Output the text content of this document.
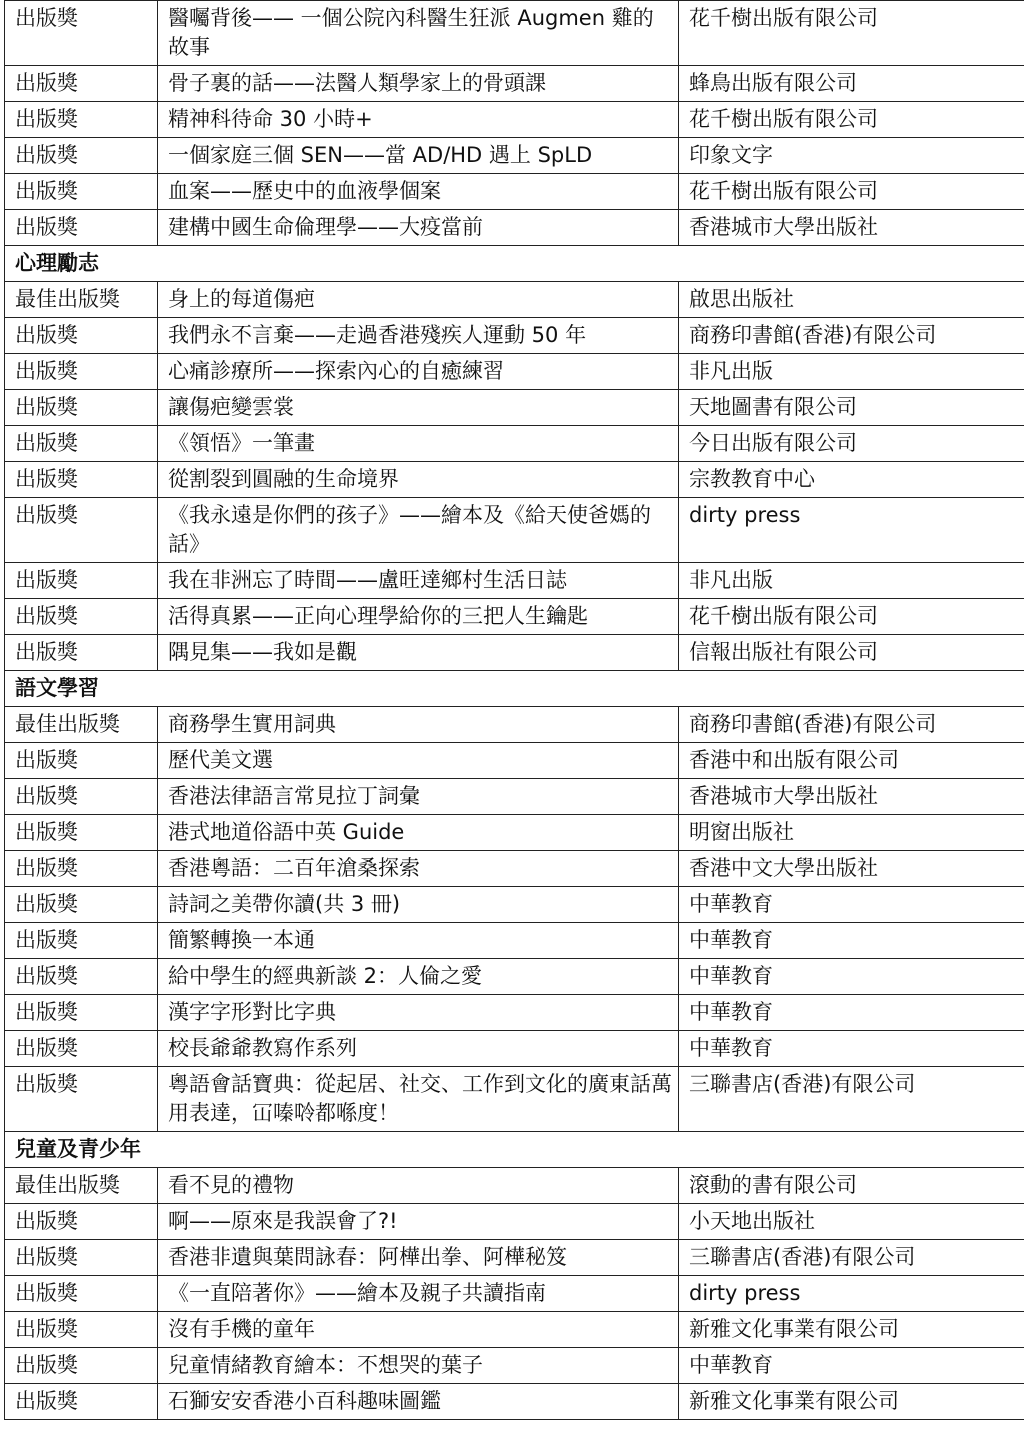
出版獎	醫囑背後—— 一個公院內科醫生狂派 Augmen 雞的故事	花千樹出版有限公司
出版獎	骨子裏的話——法醫人類學家上的骨頭課	蜂鳥出版有限公司
出版獎	精神科待命 30 小時+	花千樹出版有限公司
出版獎	一個家庭三個 SEN——當 AD/HD 遇上 SpLD	印象文字
出版獎	血案——歷史中的血液學個案	花千樹出版有限公司
出版獎	建構中國生命倫理學——大疫當前	香港城市大學出版社
心理勵志		
最佳出版獎	身上的每道傷疤	啟思出版社
出版獎	我們永不言棄——走過香港殘疾人運動 50 年	商務印書館(香港)有限公司
出版獎	心痛診療所——探索內心的自癒練習	非凡出版
出版獎	讓傷疤變雲裳	天地圖書有限公司
出版獎	《領悟》一筆畫	今日出版有限公司
出版獎	從割裂到圓融的生命境界	宗教教育中心
出版獎	《我永遠是你們的孩子》——繪本及《給天使爸媽的話》	dirty press
出版獎	我在非洲忘了時間——盧旺達鄉村生活日誌	非凡出版
出版獎	活得真累——正向心理學給你的三把人生鑰匙	花千樹出版有限公司
出版獎	隅見集——我如是觀	信報出版社有限公司
語文學習		
最佳出版獎	商務學生實用詞典	商務印書館(香港)有限公司
出版獎	歷代美文選	香港中和出版有限公司
出版獎	香港法律語言常見拉丁詞彙	香港城市大學出版社
出版獎	港式地道俗語中英 Guide	明窗出版社
出版獎	香港粵語：二百年滄桑探索	香港中文大學出版社
出版獎	詩詞之美帶你讀(共 3 冊)	中華教育
出版獎	簡繁轉換一本通	中華教育
出版獎	給中學生的經典新談 2：人倫之愛	中華教育
出版獎	漢字字形對比字典	中華教育
出版獎	校長爺爺教寫作系列	中華教育
出版獎	粵語會話寶典：從起居、社交、工作到文化的廣東話萬用表達，冚嗪唥都喺度！	三聯書店(香港)有限公司
兒童及青少年		
最佳出版獎	看不見的禮物	滾動的書有限公司
出版獎	啊——原來是我誤會了?!	小天地出版社
出版獎	香港非遺與葉問詠春：阿樺出拳、阿樺秘笈	三聯書店(香港)有限公司
出版獎	《一直陪著你》——繪本及親子共讀指南	dirty press
出版獎	沒有手機的童年	新雅文化事業有限公司
出版獎	兒童情緒教育繪本：不想哭的葉子	中華教育
出版獎	石獅安安香港小百科趣味圖鑑	新雅文化事業有限公司
